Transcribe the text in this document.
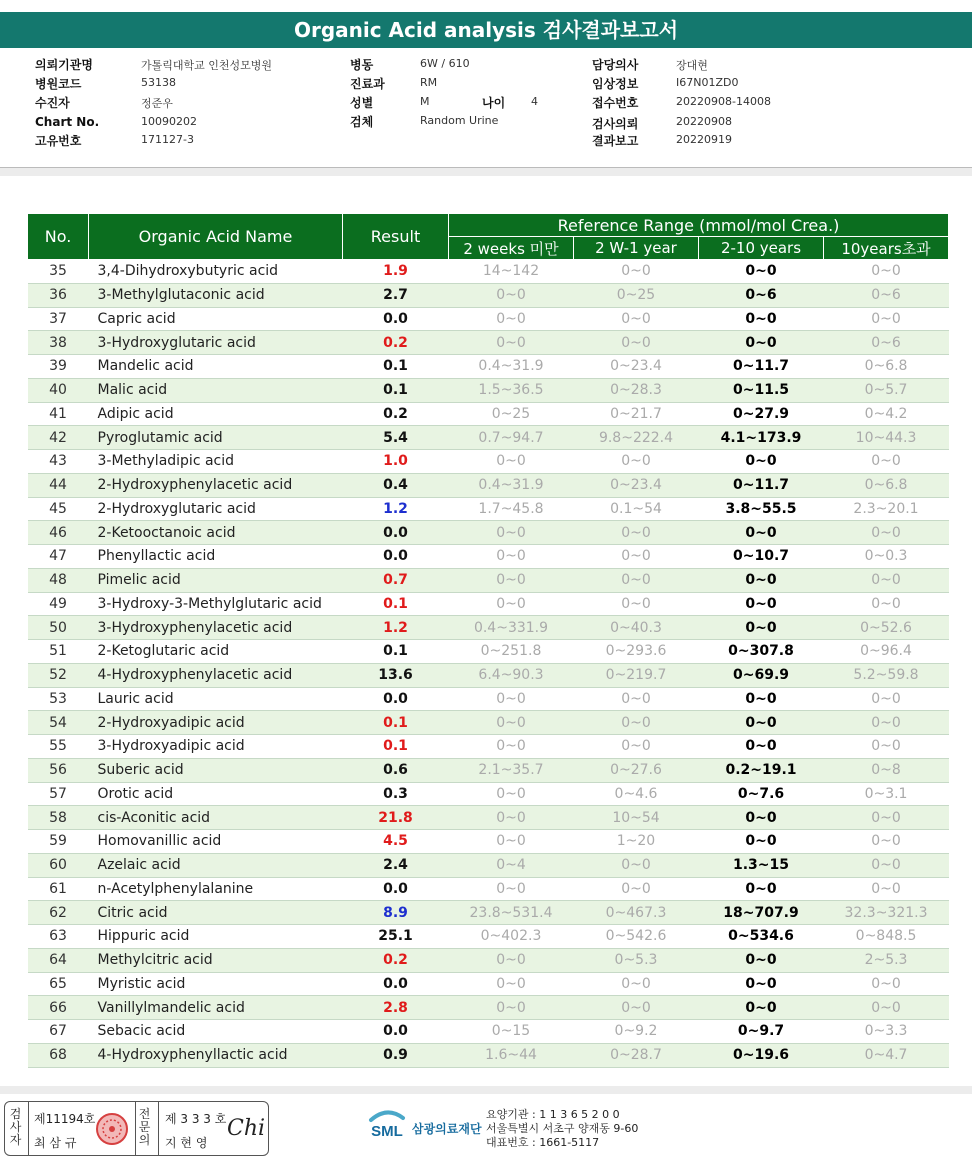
Organic Acid analysis 검사결과보고서
의뢰기관명	가톨릭대학교 인천성모병원
병원코드	53138
수진자	정준우
Chart No.	10090202
고유번호	171127-3
병동	6W / 610
진료과	RM
성별	M	나이 4
검체	Random Urine
담당의사	장대현
임상정보	I67N01ZD0
접수번호	20220908-14008
검사의뢰	20220908
결과보고	20220919
No.	Organic Acid Name	Result	Reference Range (mmol/mol Crea.)			
			2 weeks 미만	2 W-1 year	2-10 years	10years초과
35	3,4-Dihydroxybutyric acid	1.9	14~142	0~0	0~0	0~0
36	3-Methylglutaconic acid	2.7	0~0	0~25	0~6	0~6
37	Capric acid	0.0	0~0	0~0	0~0	0~0
38	3-Hydroxyglutaric acid	0.2	0~0	0~0	0~0	0~6
39	Mandelic acid	0.1	0.4~31.9	0~23.4	0~11.7	0~6.8
40	Malic acid	0.1	1.5~36.5	0~28.3	0~11.5	0~5.7
41	Adipic acid	0.2	0~25	0~21.7	0~27.9	0~4.2
42	Pyroglutamic acid	5.4	0.7~94.7	9.8~222.4	4.1~173.9	10~44.3
43	3-Methyladipic acid	1.0	0~0	0~0	0~0	0~0
44	2-Hydroxyphenylacetic acid	0.4	0.4~31.9	0~23.4	0~11.7	0~6.8
45	2-Hydroxyglutaric acid	1.2	1.7~45.8	0.1~54	3.8~55.5	2.3~20.1
46	2-Ketooctanoic acid	0.0	0~0	0~0	0~0	0~0
47	Phenyllactic acid	0.0	0~0	0~0	0~10.7	0~0.3
48	Pimelic acid	0.7	0~0	0~0	0~0	0~0
49	3-Hydroxy-3-Methylglutaric acid	0.1	0~0	0~0	0~0	0~0
50	3-Hydroxyphenylacetic acid	1.2	0.4~331.9	0~40.3	0~0	0~52.6
51	2-Ketoglutaric acid	0.1	0~251.8	0~293.6	0~307.8	0~96.4
52	4-Hydroxyphenylacetic acid	13.6	6.4~90.3	0~219.7	0~69.9	5.2~59.8
53	Lauric acid	0.0	0~0	0~0	0~0	0~0
54	2-Hydroxyadipic acid	0.1	0~0	0~0	0~0	0~0
55	3-Hydroxyadipic acid	0.1	0~0	0~0	0~0	0~0
56	Suberic acid	0.6	2.1~35.7	0~27.6	0.2~19.1	0~8
57	Orotic acid	0.3	0~0	0~4.6	0~7.6	0~3.1
58	cis-Aconitic acid	21.8	0~0	10~54	0~0	0~0
59	Homovanillic acid	4.5	0~0	1~20	0~0	0~0
60	Azelaic acid	2.4	0~4	0~0	1.3~15	0~0
61	n-Acetylphenylalanine	0.0	0~0	0~0	0~0	0~0
62	Citric acid	8.9	23.8~531.4	0~467.3	18~707.9	32.3~321.3
63	Hippuric acid	25.1	0~402.3	0~542.6	0~534.6	0~848.5
64	Methylcitric acid	0.2	0~0	0~5.3	0~0	2~5.3
65	Myristic acid	0.0	0~0	0~0	0~0	0~0
66	Vanillylmandelic acid	2.8	0~0	0~0	0~0	0~0
67	Sebacic acid	0.0	0~15	0~9.2	0~9.7	0~3.3
68	4-Hydroxyphenyllactic acid	0.9	1.6~44	0~28.7	0~19.6	0~4.7
검사자
제11194호
최 삼 규
전문의
제 3 3 3 호
지 현 영
Chi	SML 삼광의료재단
요양기관 : 1 1 3 6 5 2 0 0
서울특별시 서초구 양재동 9-60
대표번호 : 1661-5117
